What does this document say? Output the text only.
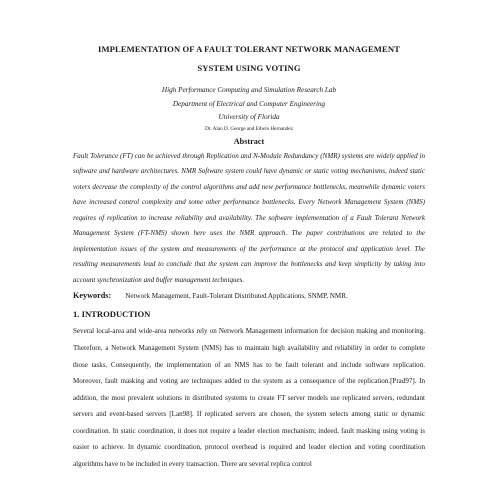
IMPLEMENTATION OF A FAULT TOLERANT NETWORK MANAGEMENT

SYSTEM USING VOTING

High Performance Computing and Simulation Research Lab

Department of Electrical and Computer Engineering

University of Florida

Dr. Alan D. George and Edwin Hernandez

Abstract

Fault Tolerance (FT) can be achieved through Replication and N-Module Redundancy (NMR) systems are widely applied in software and hardware architectures. NMR Software system could have dynamic or static voting mechanisms, indeed static voters decrease the complexity of the control algorithms and add new performance bottlenecks, meanwhile dynamic voters have increased control complexity and some other performance bottlenecks. Every Network Management System (NMS) requires of replication to increase reliability and availability. The software implementation of a Fault Tolerant Network Management System (FT-NMS) shown here uses the NMR approach. The paper contributions are related to the implementation issues of the system and measurements of the performance at the protocol and application level. The resulting measurements lead to conclude that the system can improve the bottlenecks and keep simplicity by taking into account synchronization and buffer management techniques.

Keywords: Network Management, Fault-Tolerant Distributed Applications, SNMP, NMR.

1. INTRODUCTION

Several local-area and wide-area networks rely on Network Management information for decision making and monitoring. Therefore, a Network Management System (NMS) has to maintain high availability and reliability in order to complete those tasks. Consequently, the implementation of an NMS has to be fault tolerant and include software replication. Moreover, fault masking and voting are techniques added to the system as a consequence of the replication.[Prad97]. In addition, the most prevalent solutions in distributed systems to create FT server models use replicated servers, redundant servers and event-based servers [Lan98]. If replicated servers are chosen, the system selects among static or dynamic coordination. In static coordination, it does not require a leader election mechanism; indeed, fault masking using voting is easier to achieve. In dynamic coordination, protocol overhead is required and leader election and voting coordination algorithms have to be included in every transaction. There are several replica control
